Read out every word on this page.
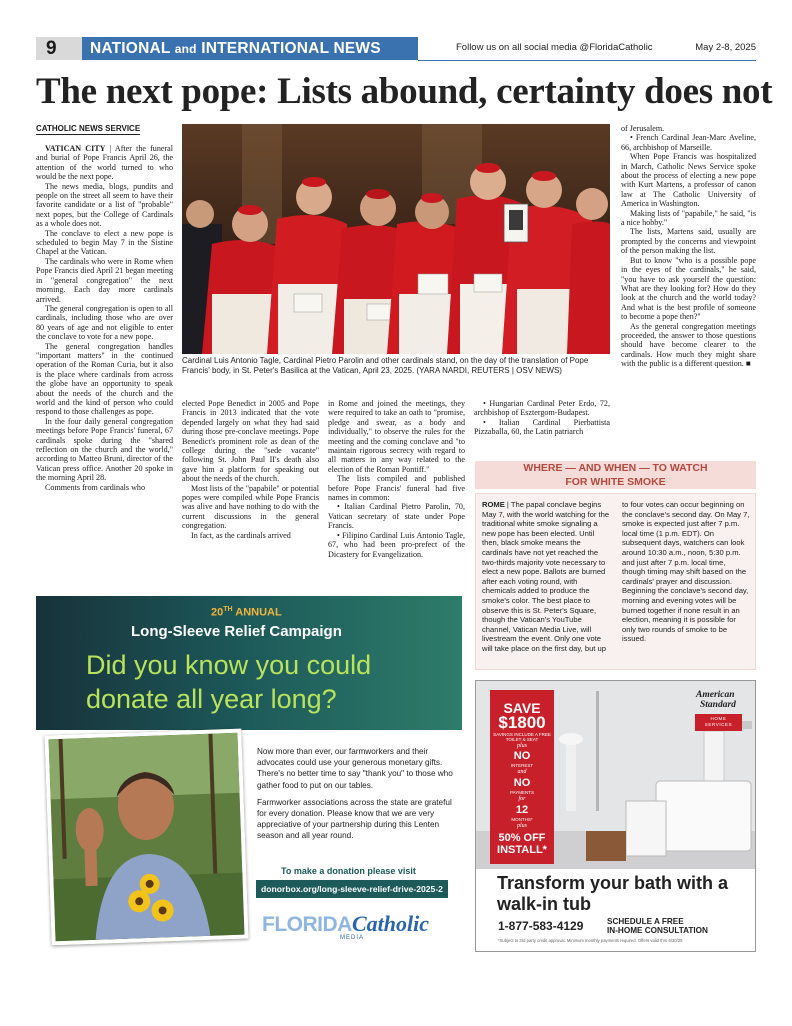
9	NATIONAL and INTERNATIONAL NEWS	Follow us on all social media @FloridaCatholic	May 2-8, 2025
The next pope: Lists abound, certainty does not
CATHOLIC NEWS SERVICE

VATICAN CITY | After the funeral and burial of Pope Francis April 26, the attention of the world turned to who would be the next pope.

The news media, blogs, pundits and people on the street all seem to have their favorite candidate or a list of "probable" next popes, but the College of Cardinals as a whole does not.

The conclave to elect a new pope is scheduled to begin May 7 in the Sistine Chapel at the Vatican.

The cardinals who were in Rome when Pope Francis died April 21 began meeting in "general congregation" the next morning. Each day more cardinals arrived.

The general congregation is open to all cardinals, including those who are over 80 years of age and not eligible to enter the conclave to vote for a new pope.

The general congregation handles "important matters" in the continued operation of the Roman Curia, but it also is the place where cardinals from across the globe have an opportunity to speak about the needs of the church and the world and the kind of person who could respond to those challenges as pope.

In the four daily general congregation meetings before Pope Francis' funeral, 67 cardinals spoke during the "shared reflection on the church and the world," according to Matteo Bruni, director of the Vatican press office. Another 20 spoke in the morning April 28.

Comments from cardinals who

elected Pope Benedict in 2005 and Pope Francis in 2013 indicated that the vote depended largely on what they had said during those pre-conclave meetings. Pope Benedict's prominent role as dean of the college during the "sede vacante" following St. John Paul II's death also gave him a platform for speaking out about the needs of the church.

Most lists of the "papabile" or potential popes were compiled while Pope Francis was alive and have nothing to do with the current discussions in the general congregation.

In fact, as the cardinals arrived

in Rome and joined the meetings, they were required to take an oath to "promise, pledge and swear, as a body and individually," to observe the rules for the meeting and the coming conclave and "to maintain rigorous secrecy with regard to all matters in any way related to the election of the Roman Pontiff."

The lists compiled and published before Pope Francis' funeral had five names in common:

• Italian Cardinal Pietro Parolin, 70, Vatican secretary of state under Pope Francis.

• Filipino Cardinal Luis Antonio Tagle, 67, who had been pro-prefect of the Dicastery for Evangelization.

• Hungarian Cardinal Peter Erdo, 72, archbishop of Esztergom-Budapest.

• Italian Cardinal Pierbattista Pizzaballa, 60, the Latin patriarch

of Jerusalem.

• French Cardinal Jean-Marc Aveline, 66, archbishop of Marseille.

When Pope Francis was hospitalized in March, Catholic News Service spoke about the process of electing a new pope with Kurt Martens, a professor of canon law at The Catholic University of America in Washington.

Making lists of "papabile," he said, "is a nice hobby."

The lists, Martens said, usually are prompted by the concerns and viewpoint of the person making the list.

But to know "who is a possible pope in the eyes of the cardinals," he said, "you have to ask yourself the question: What are they looking for? How do they look at the church and the world today? And what is the best profile of someone to become a pope then?"

As the general congregation meetings proceeded, the answer to those questions should have become clearer to the cardinals. How much they might share with the public is a different question. ■

Cardinal Luis Antonio Tagle, Cardinal Pietro Parolin and other cardinals stand, on the day of the translation of Pope Francis' body, in St. Peter's Basilica at the Vatican, April 23, 2025. (YARA NARDI, REUTERS | OSV NEWS)
WHERE — AND WHEN — TO WATCH
FOR WHITE SMOKE
ROME | The papal conclave begins May 7, with the world watching for the traditional white smoke signaling a new pope has been elected. Until then, black smoke means the cardinals have not yet reached the two-thirds majority vote necessary to elect a new pope. Ballots are burned after each voting round, with chemicals added to produce the smoke's color. The best place to observe this is St. Peter's Square, though the Vatican's YouTube channel, Vatican Media Live, will livestream the event. Only one vote will take place on the first day, but up
to four votes can occur beginning on the conclave's second day. On May 7, smoke is expected just after 7 p.m. local time (1 p.m. EDT). On subsequent days, watchers can look around 10:30 a.m., noon, 5:30 p.m. and just after 7 p.m. local time, though timing may shift based on the cardinals' prayer and discussion. Beginning the conclave's second day, morning and evening votes will be burned together if none result in an election, meaning it is possible for only two rounds of smoke to be issued.
20TH ANNUAL
Long-Sleeve Relief Campaign
Did you know you could donate all year long?

Now more than ever, our farmworkers and their advocates could use your generous monetary gifts. There's no better time to say "thank you" to those who gather food to put on our tables.

Farmworker associations across the state are grateful for every donation. Please know that we are very appreciative of your partnership during this Lenten season and all year round.

To make a donation please visit
donorbox.org/long-sleeve-relief-drive-2025-2
FLORIDA Catholic
MEDIA
SAVE
$1800
SAVINGS INCLUDE A FREE TOILET & SEAT
plus
NO
INTEREST
and
NO
PAYMENTS
for
12
MONTHS*
plus
50% OFF
INSTALL*
American
Standard
HOME
SERVICES
Transform your bath with a walk-in tub
1-877-583-4129	SCHEDULE A FREE
IN-HOME CONSULTATION
*Subject to 3rd party credit approval. Minimum monthly payments required. Offers valid thru 6/30/25
